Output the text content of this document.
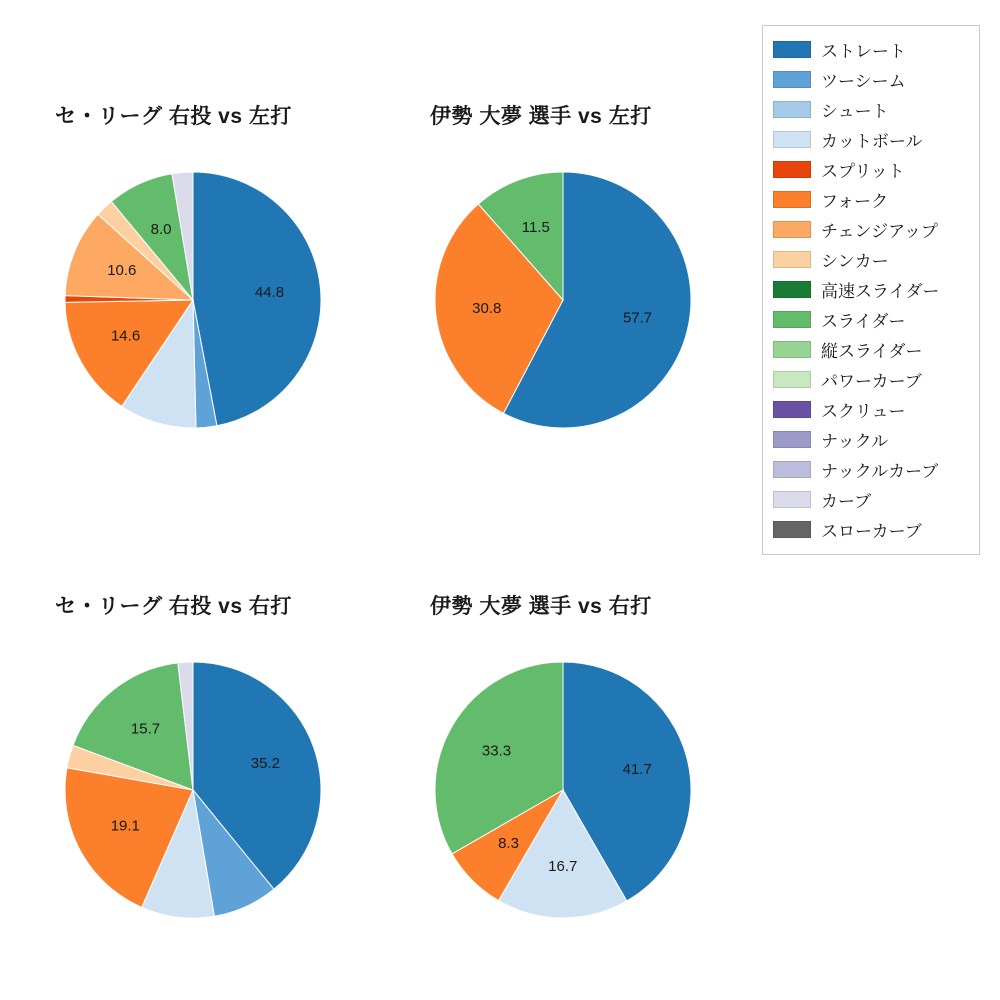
セ・リーグ 右投 vs 左打	伊勢 大夢 選手 vs 左打
セ・リーグ 右投 vs 右打	伊勢 大夢 選手 vs 右打
44.8
14.6
10.6
8.0
57.7
30.8
11.5
35.2
19.1
15.7
41.7
16.7
8.3
33.3
ストレート
ツーシーム
シュート
カットボール
スプリット
フォーク
チェンジアップ
シンカー
高速スライダー
スライダー
縦スライダー
パワーカーブ
スクリュー
ナックル
ナックルカーブ
カーブ
スローカーブ
